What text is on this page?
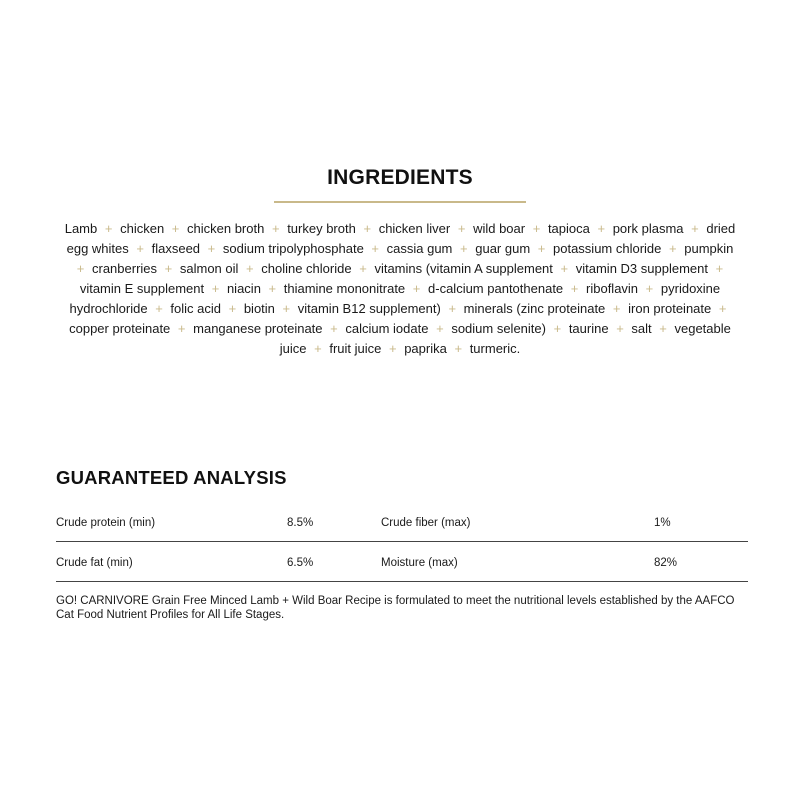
INGREDIENTS
Lamb + chicken + chicken broth + turkey broth + chicken liver + wild boar + tapioca + pork plasma + dried egg whites + flaxseed + sodium tripolyphosphate + cassia gum + guar gum + potassium chloride + pumpkin + cranberries + salmon oil + choline chloride + vitamins (vitamin A supplement + vitamin D3 supplement + vitamin E supplement + niacin + thiamine mononitrate + d-calcium pantothenate + riboflavin + pyridoxine hydrochloride + folic acid + biotin + vitamin B12 supplement) + minerals (zinc proteinate + iron proteinate + copper proteinate + manganese proteinate + calcium iodate + sodium selenite) + taurine + salt + vegetable juice + fruit juice + paprika + turmeric.
GUARANTEED ANALYSIS
Crude protein (min)	8.5%	Crude fiber (max)	1%
Crude fat (min)	6.5%	Moisture (max)	82%
GO! CARNIVORE Grain Free Minced Lamb + Wild Boar Recipe is formulated to meet the nutritional levels established by the AAFCO Cat Food Nutrient Profiles for All Life Stages.
